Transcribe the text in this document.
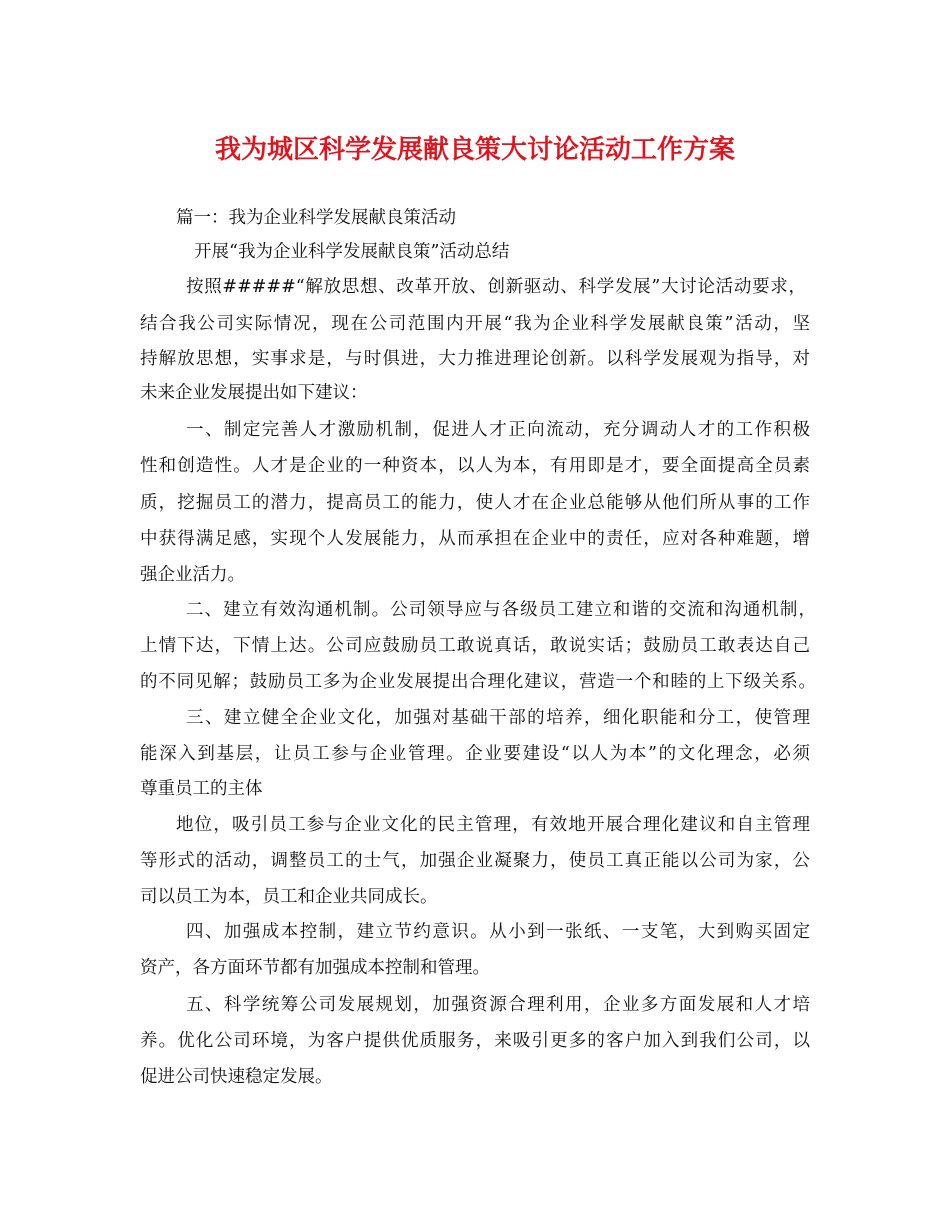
我为城区科学发展献良策大讨论活动工作方案
篇一：我为企业科学发展献良策活动
开展“我为企业科学发展献良策”活动总结
按照#####“解放思想、改革开放、创新驱动、科学发展”大讨论活动要求，
结合我公司实际情况，现在公司范围内开展“我为企业科学发展献良策”活动，坚
持解放思想，实事求是，与时俱进，大力推进理论创新。以科学发展观为指导，对
未来企业发展提出如下建议：
一、制定完善人才激励机制，促进人才正向流动，充分调动人才的工作积极
性和创造性。人才是企业的一种资本，以人为本，有用即是才，要全面提高全员素
质，挖掘员工的潜力，提高员工的能力，使人才在企业总能够从他们所从事的工作
中获得满足感，实现个人发展能力，从而承担在企业中的责任，应对各种难题，增
强企业活力。
二、建立有效沟通机制。公司领导应与各级员工建立和谐的交流和沟通机制，
上情下达，下情上达。公司应鼓励员工敢说真话，敢说实话；鼓励员工敢表达自己
的不同见解；鼓励员工多为企业发展提出合理化建议，营造一个和睦的上下级关系。
三、建立健全企业文化，加强对基础干部的培养，细化职能和分工，使管理
能深入到基层，让员工参与企业管理。企业要建设“以人为本”的文化理念，必须
尊重员工的主体
地位，吸引员工参与企业文化的民主管理，有效地开展合理化建议和自主管理
等形式的活动，调整员工的士气，加强企业凝聚力，使员工真正能以公司为家，公
司以员工为本，员工和企业共同成长。
四、加强成本控制，建立节约意识。从小到一张纸、一支笔，大到购买固定
资产，各方面环节都有加强成本控制和管理。
五、科学统筹公司发展规划，加强资源合理利用，企业多方面发展和人才培
养。优化公司环境，为客户提供优质服务，来吸引更多的客户加入到我们公司，以
促进公司快速稳定发展。
